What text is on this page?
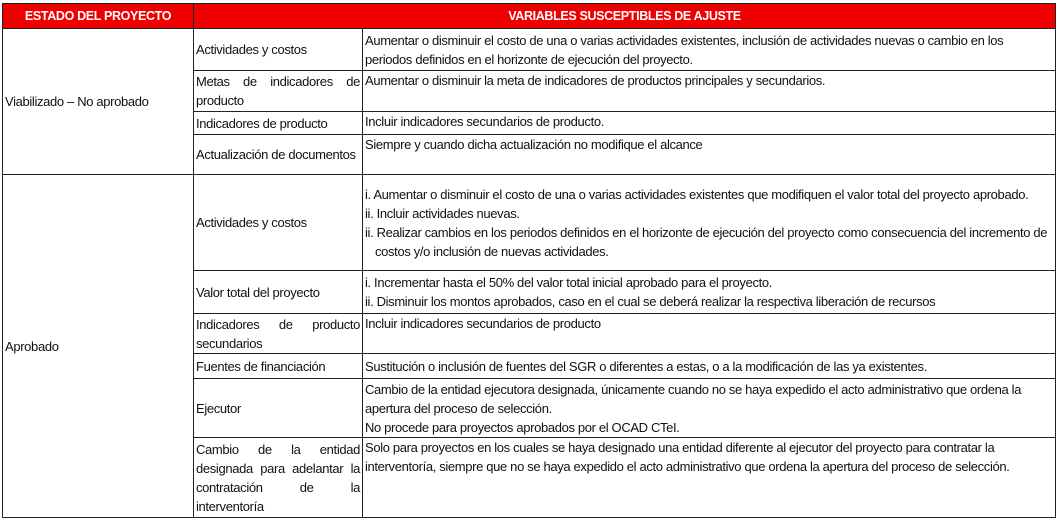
ESTADO DEL PROYECTO	VARIABLES SUSCEPTIBLES DE AJUSTE	
Viabilizado – No aprobado	Actividades y costos	Aumentar o disminuir el costo de una o varias actividades existentes, inclusión de actividades nuevas o cambio en los periodos definidos en el horizonte de ejecución del proyecto.

	Metas de indicadores de producto	Aumentar o disminuir la meta de indicadores de productos principales y secundarios.

	Indicadores de producto	Incluir indicadores secundarios de producto.

	Actualización de documentos	Siempre y cuando dicha actualización no modifique el alcance

Aprobado	Actividades y costos	i. Aumentar o disminuir el costo de una o varias actividades existentes que modifiquen el valor total del proyecto aprobado.
ii. Incluir actividades nuevas.
ii. Realizar cambios en los periodos definidos en el horizonte de ejecución del proyecto como consecuencia del incremento de costos y/o inclusión de nuevas actividades.

	Valor total del proyecto	i. Incrementar hasta el 50% del valor total inicial aprobado para el proyecto.
ii. Disminuir los montos aprobados, caso en el cual se deberá realizar la respectiva liberación de recursos

	Indicadores de producto secundarios	Incluir indicadores secundarios de producto

	Fuentes de financiación	Sustitución o inclusión de fuentes del SGR o diferentes a estas, o a la modificación de las ya existentes.

	Ejecutor	Cambio de la entidad ejecutora designada, únicamente cuando no se haya expedido el acto administrativo que ordena la apertura del proceso de selección.
No procede para proyectos aprobados por el OCAD CTeI.

	Cambio de la entidad designada para adelantar la contratación de la interventoría	Solo para proyectos en los cuales se haya designado una entidad diferente al ejecutor del proyecto para contratar la interventoría, siempre que no se haya expedido el acto administrativo que ordena la apertura del proceso de selección.
